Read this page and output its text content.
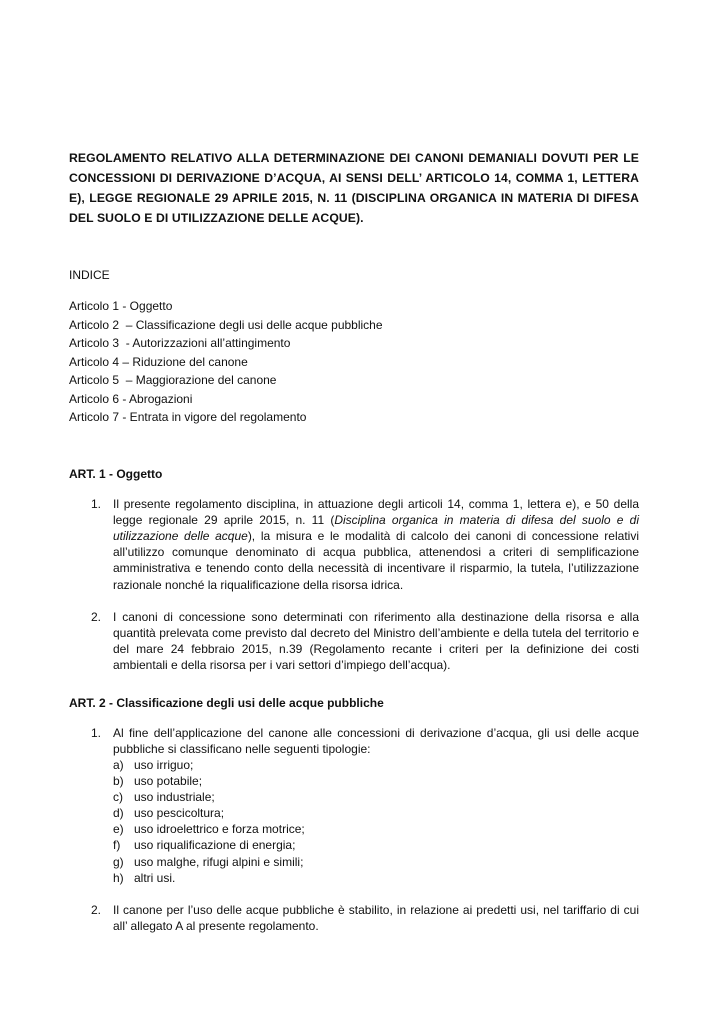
REGOLAMENTO RELATIVO ALLA DETERMINAZIONE DEI CANONI DEMANIALI DOVUTI PER LE CONCESSIONI DI DERIVAZIONE D’ACQUA, AI SENSI DELL’ ARTICOLO 14, COMMA 1, LETTERA E), LEGGE REGIONALE 29 APRILE 2015, N. 11 (DISCIPLINA ORGANICA IN MATERIA DI DIFESA DEL SUOLO E DI UTILIZZAZIONE DELLE ACQUE).

INDICE
Articolo 1 - Oggetto
Articolo 2  – Classificazione degli usi delle acque pubbliche
Articolo 3  - Autorizzazioni all’attingimento
Articolo 4 – Riduzione del canone
Articolo 5  – Maggiorazione del canone
Articolo 6 - Abrogazioni
Articolo 7 - Entrata in vigore del regolamento
ART. 1 - Oggetto
1. Il presente regolamento disciplina, in attuazione degli articoli 14, comma 1, lettera e), e 50 della legge regionale 29 aprile 2015, n. 11 (Disciplina organica in materia di difesa del suolo e di utilizzazione delle acque), la misura e le modalità di calcolo dei canoni di concessione relativi all’utilizzo comunque denominato di acqua pubblica, attenendosi a criteri di semplificazione amministrativa e tenendo conto della necessità di incentivare il risparmio, la tutela, l’utilizzazione razionale nonché la riqualificazione della risorsa idrica.
2. I canoni di concessione sono determinati con riferimento alla destinazione della risorsa e alla quantità prelevata come previsto dal decreto del Ministro dell’ambiente e della tutela del territorio e del mare 24 febbraio 2015, n.39 (Regolamento recante i criteri per la definizione dei costi ambientali e della risorsa per i vari settori d’impiego dell’acqua).
ART. 2 - Classificazione degli usi delle acque pubbliche
1. Al fine dell’applicazione del canone alle concessioni di derivazione d’acqua, gli usi delle acque pubbliche si classificano nelle seguenti tipologie:
a) uso irriguo;
b) uso potabile;
c) uso industriale;
d) uso pescicoltura;
e) uso idroelettrico e forza motrice;
f) uso riqualificazione di energia;
g) uso malghe, rifugi alpini e simili;
h) altri usi.
2. Il canone per l’uso delle acque pubbliche è stabilito, in relazione ai predetti usi, nel tariffario di cui all’ allegato A al presente regolamento.
